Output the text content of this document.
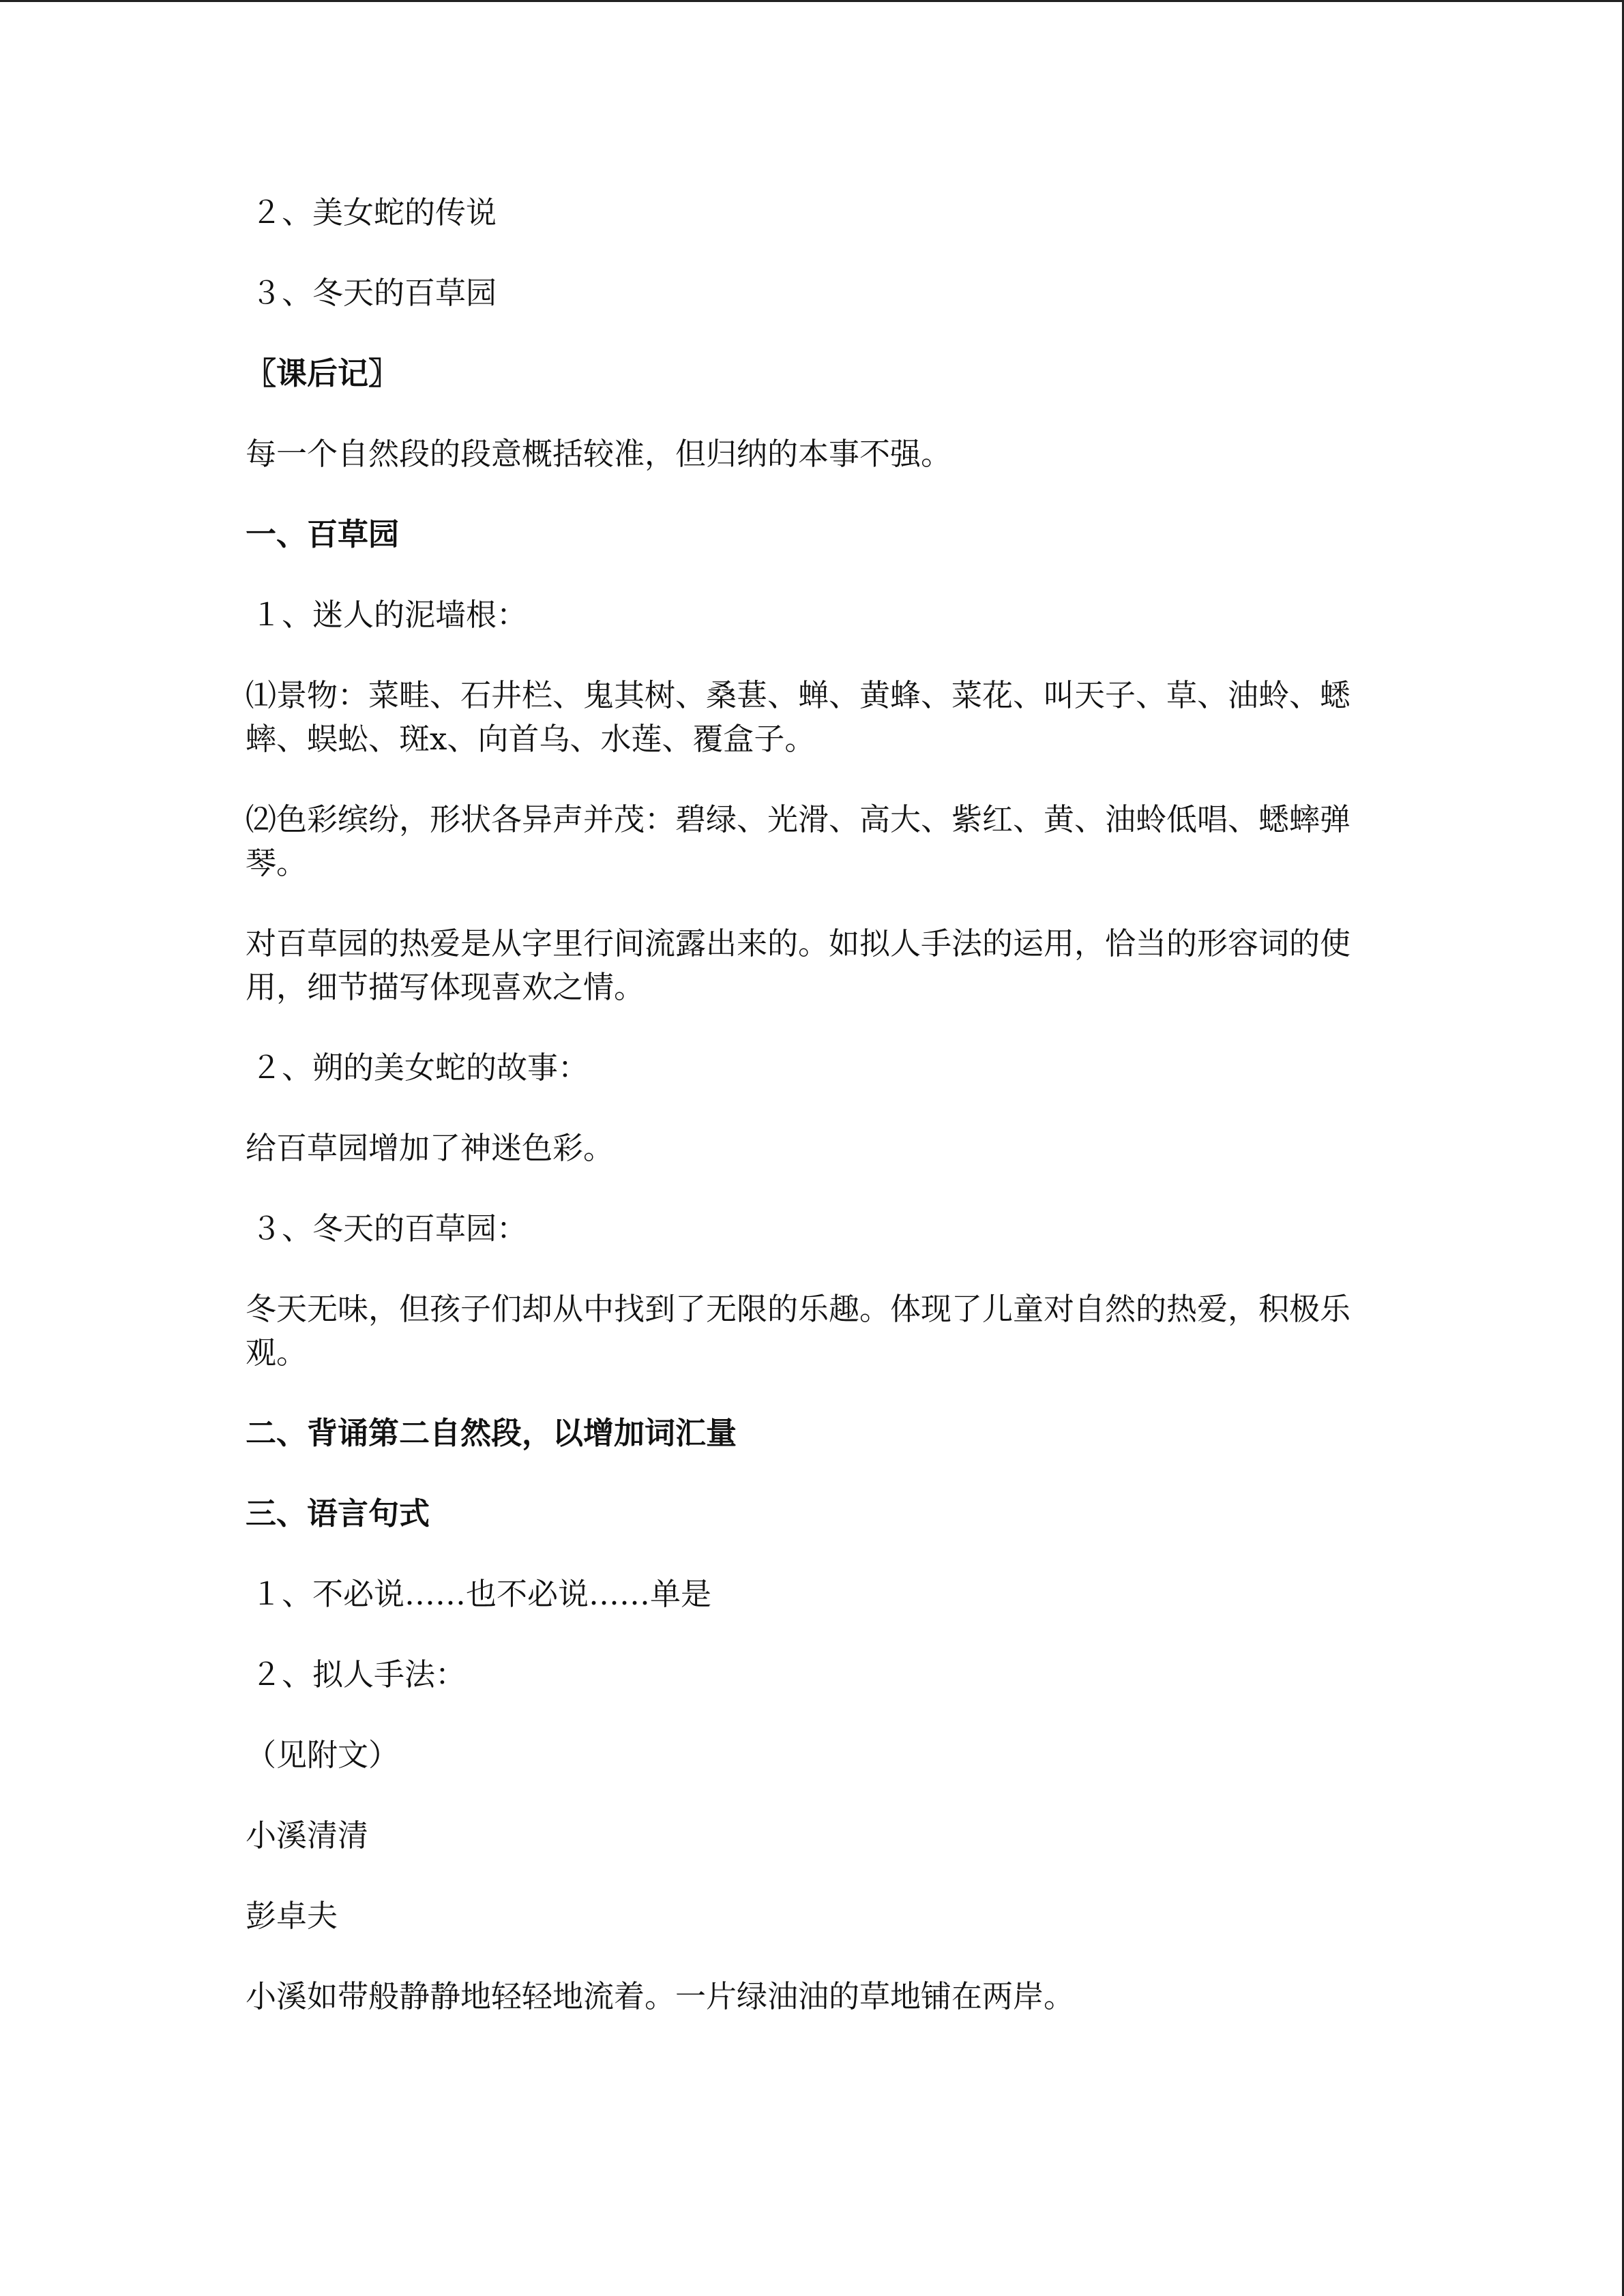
２、美女蛇的传说

３、冬天的百草园

〖课后记〗

每一个自然段的段意概括较准，但归纳的本事不强。

一、百草园

１、迷人的泥墙根：

⑴景物：菜畦、石井栏、鬼其树、桑葚、蝉、黄蜂、菜花、叫天子、草、油蛉、蟋蟀、蜈蚣、斑x、向首乌、水莲、覆盒子。

⑵色彩缤纷，形状各异声并茂：碧绿、光滑、高大、紫红、黄、油蛉低唱、蟋蟀弹琴。

对百草园的热爱是从字里行间流露出来的。如拟人手法的运用，恰当的形容词的使用，细节描写体现喜欢之情。

２、朔的美女蛇的故事：

给百草园增加了神迷色彩。

３、冬天的百草园：

冬天无味，但孩子们却从中找到了无限的乐趣。体现了儿童对自然的热爱，积极乐观。

二、背诵第二自然段，以增加词汇量

三、语言句式

１、不必说……也不必说……单是

２、拟人手法：

（见附文）

小溪清清

彭卓夫

小溪如带般静静地轻轻地流着。一片绿油油的草地铺在两岸。
